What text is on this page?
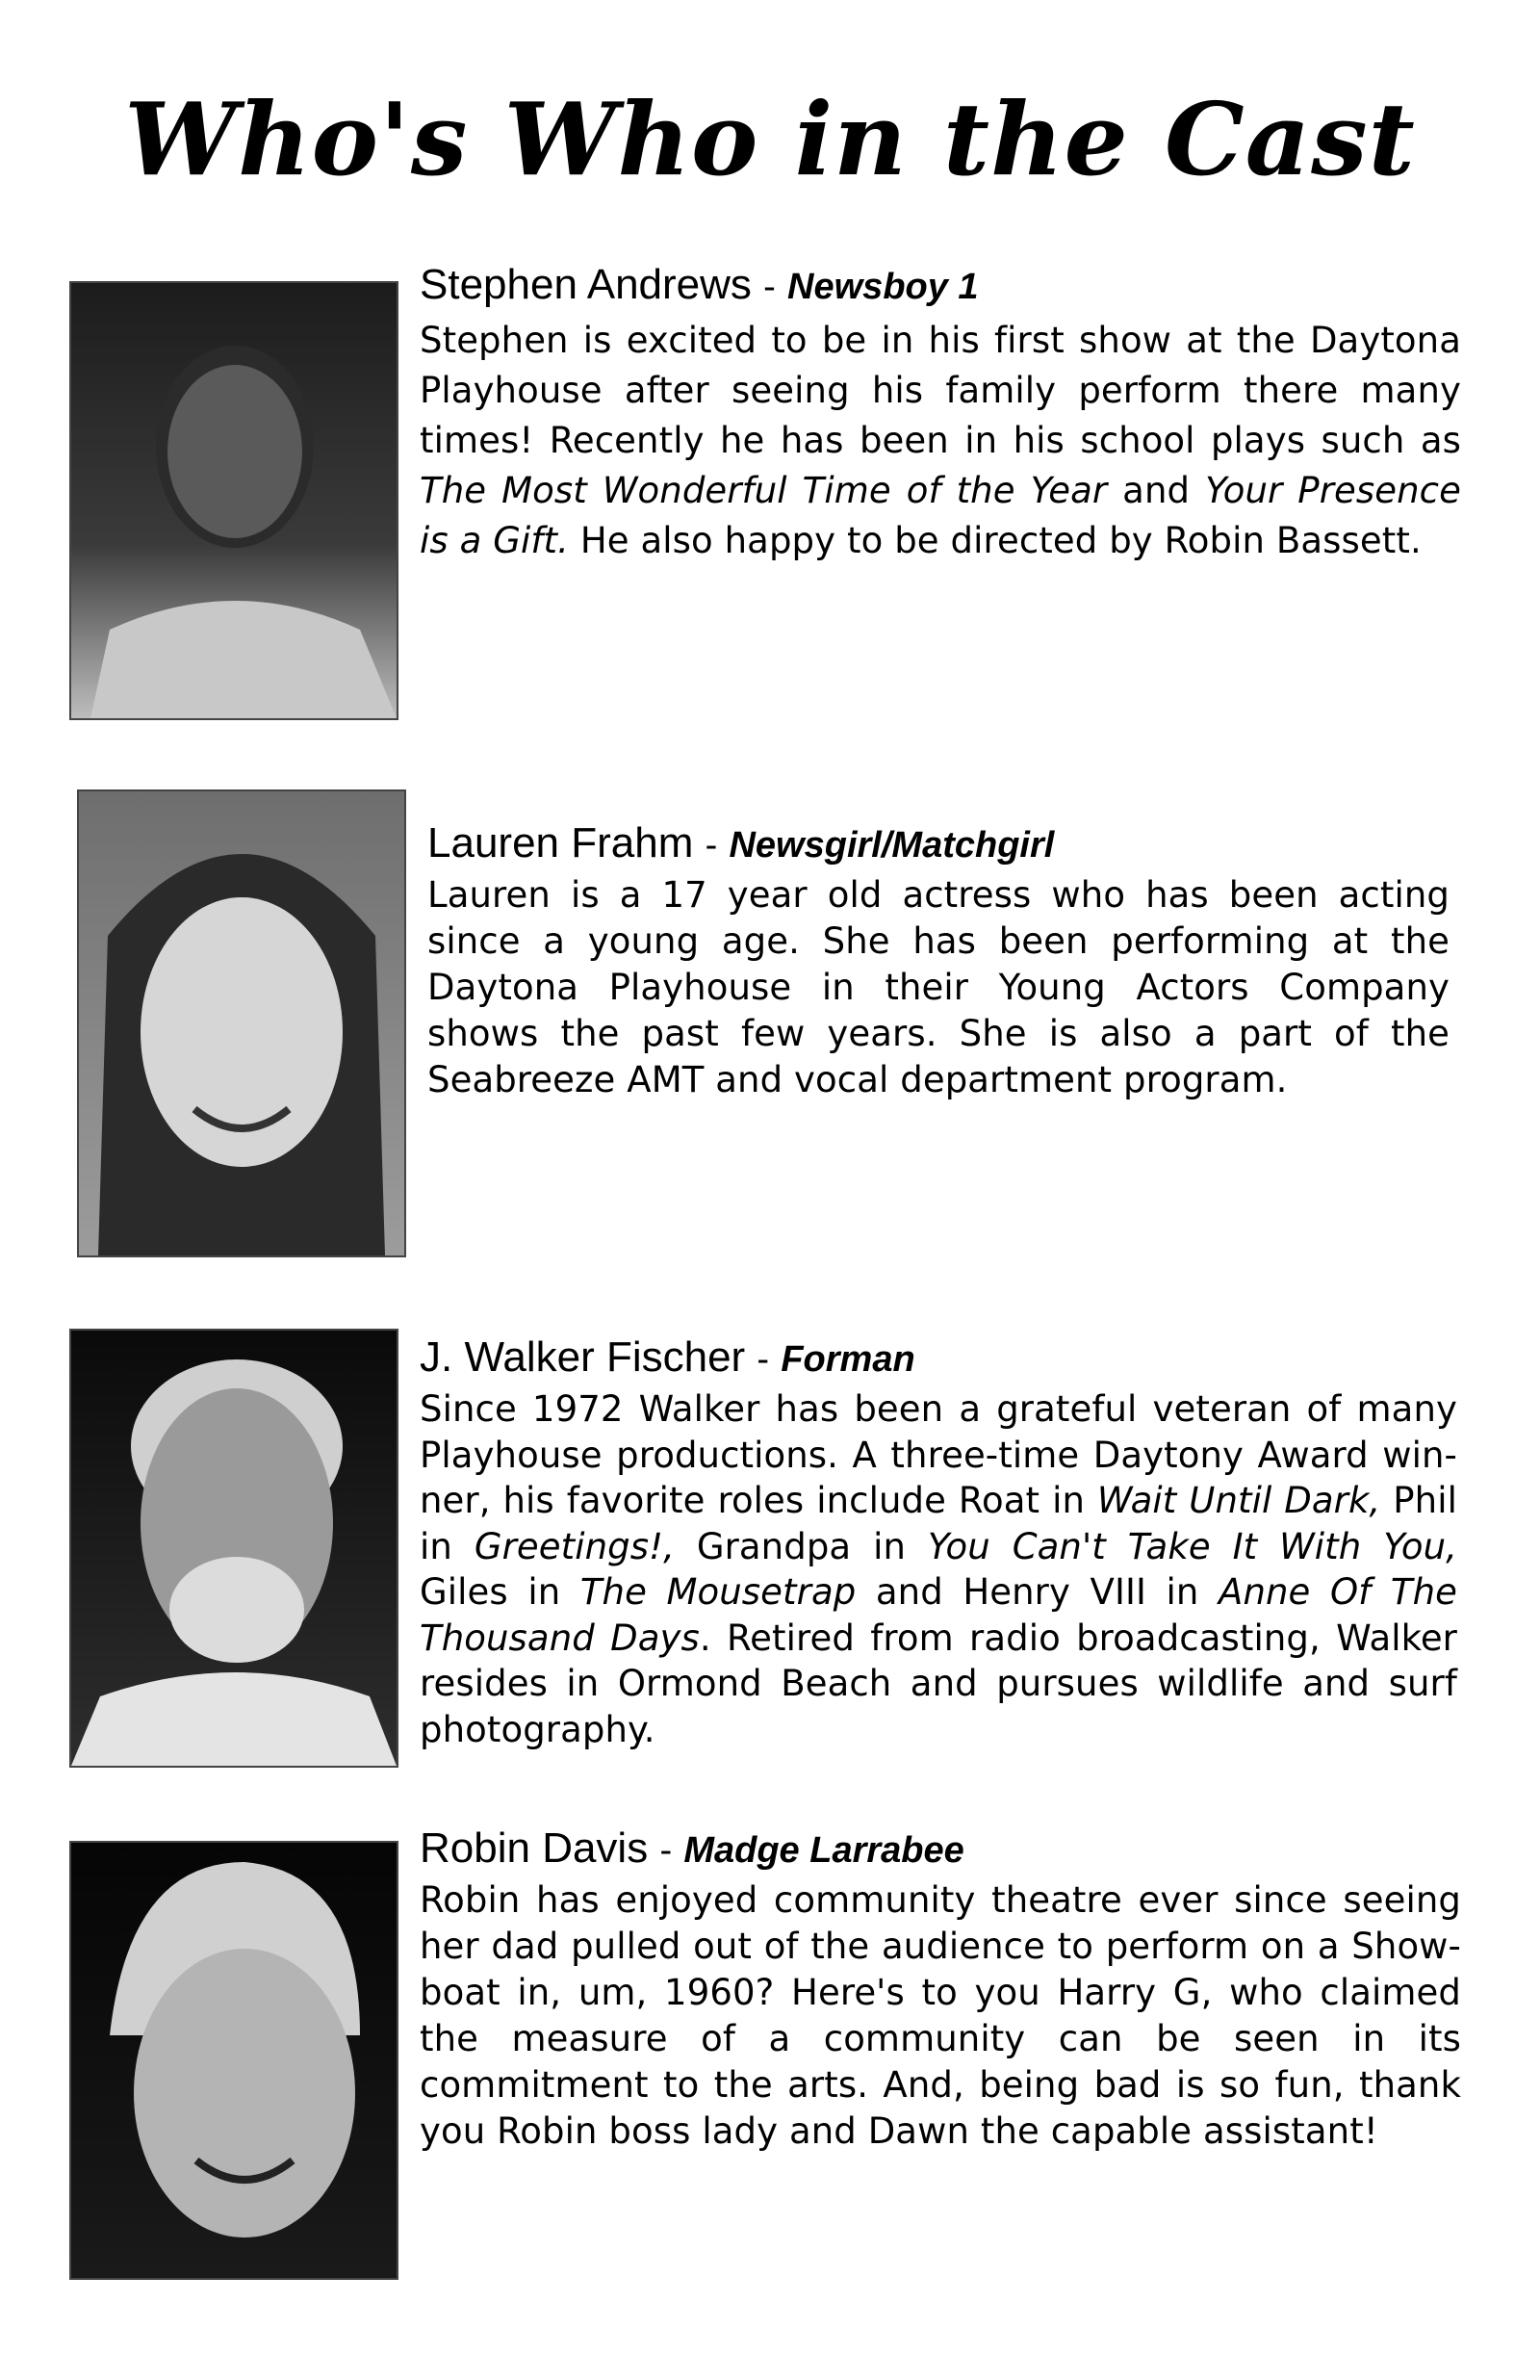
Who's Who in the Cast
Stephen Andrews - Newsboy 1
Stephen is excited to be in his first show at the Daytona Playhouse after seeing his family perform there many times! Recently he has been in his school plays such as The Most Wonderful Time of the Year and Your Presence is a Gift. He also happy to be directed by Robin Bassett.
Lauren Frahm - Newsgirl/Matchgirl
Lauren is a 17 year old actress who has been acting since a young age. She has been performing at the Daytona Playhouse in their Young Actors Company shows the past few years. She is also a part of the Seabreeze AMT and vocal department program.
J. Walker Fischer - Forman
Since 1972 Walker has been a grateful veteran of many Playhouse productions. A three-time Daytony Award win-ner, his favorite roles include Roat in Wait Until Dark, Phil in Greetings!, Grandpa in You Can't Take It With You, Giles in The Mousetrap and Henry VIII in Anne Of The Thousand Days. Retired from radio broadcasting, Walker resides in Ormond Beach and pursues wildlife and surf photography.
Robin Davis - Madge Larrabee
Robin has enjoyed community theatre ever since seeing her dad pulled out of the audience to perform on a Show-boat in, um, 1960? Here's to you Harry G, who claimed the measure of a community can be seen in its commitment to the arts. And, being bad is so fun, thank you Robin boss lady and Dawn the capable assistant!
